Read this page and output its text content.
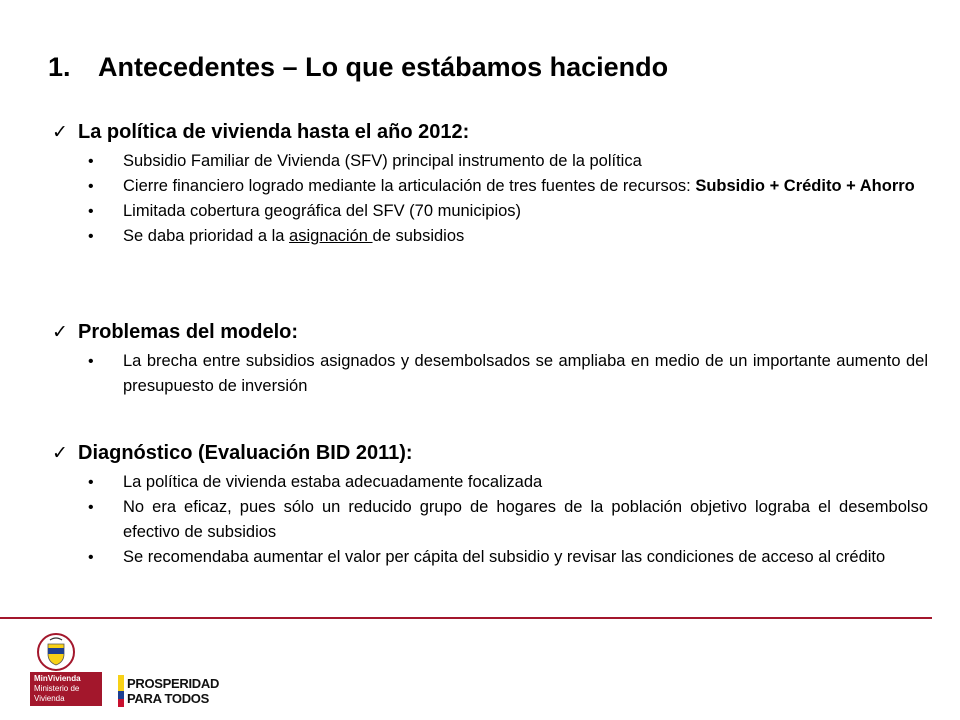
1. Antecedentes – Lo que estábamos haciendo
✓ La política de vivienda hasta el año 2012:
• Subsidio Familiar de Vivienda (SFV) principal instrumento de la política
• Cierre financiero logrado mediante la articulación de tres fuentes de recursos: Subsidio + Crédito + Ahorro
• Limitada cobertura geográfica del SFV (70 municipios)
• Se daba prioridad a la asignación de subsidios
✓ Problemas del modelo:
• La brecha entre subsidios asignados y desembolsados se ampliaba en medio de un importante aumento del presupuesto de inversión
✓ Diagnóstico (Evaluación BID 2011):
• La política de vivienda estaba adecuadamente focalizada
• No era eficaz, pues sólo un reducido grupo de hogares de la población objetivo lograba el desembolso efectivo de subsidios
• Se recomendaba aumentar el valor per cápita del subsidio y revisar las condiciones de acceso al crédito
MinVivienda
Ministerio de Vivienda
PROSPERIDAD
PARA TODOS
